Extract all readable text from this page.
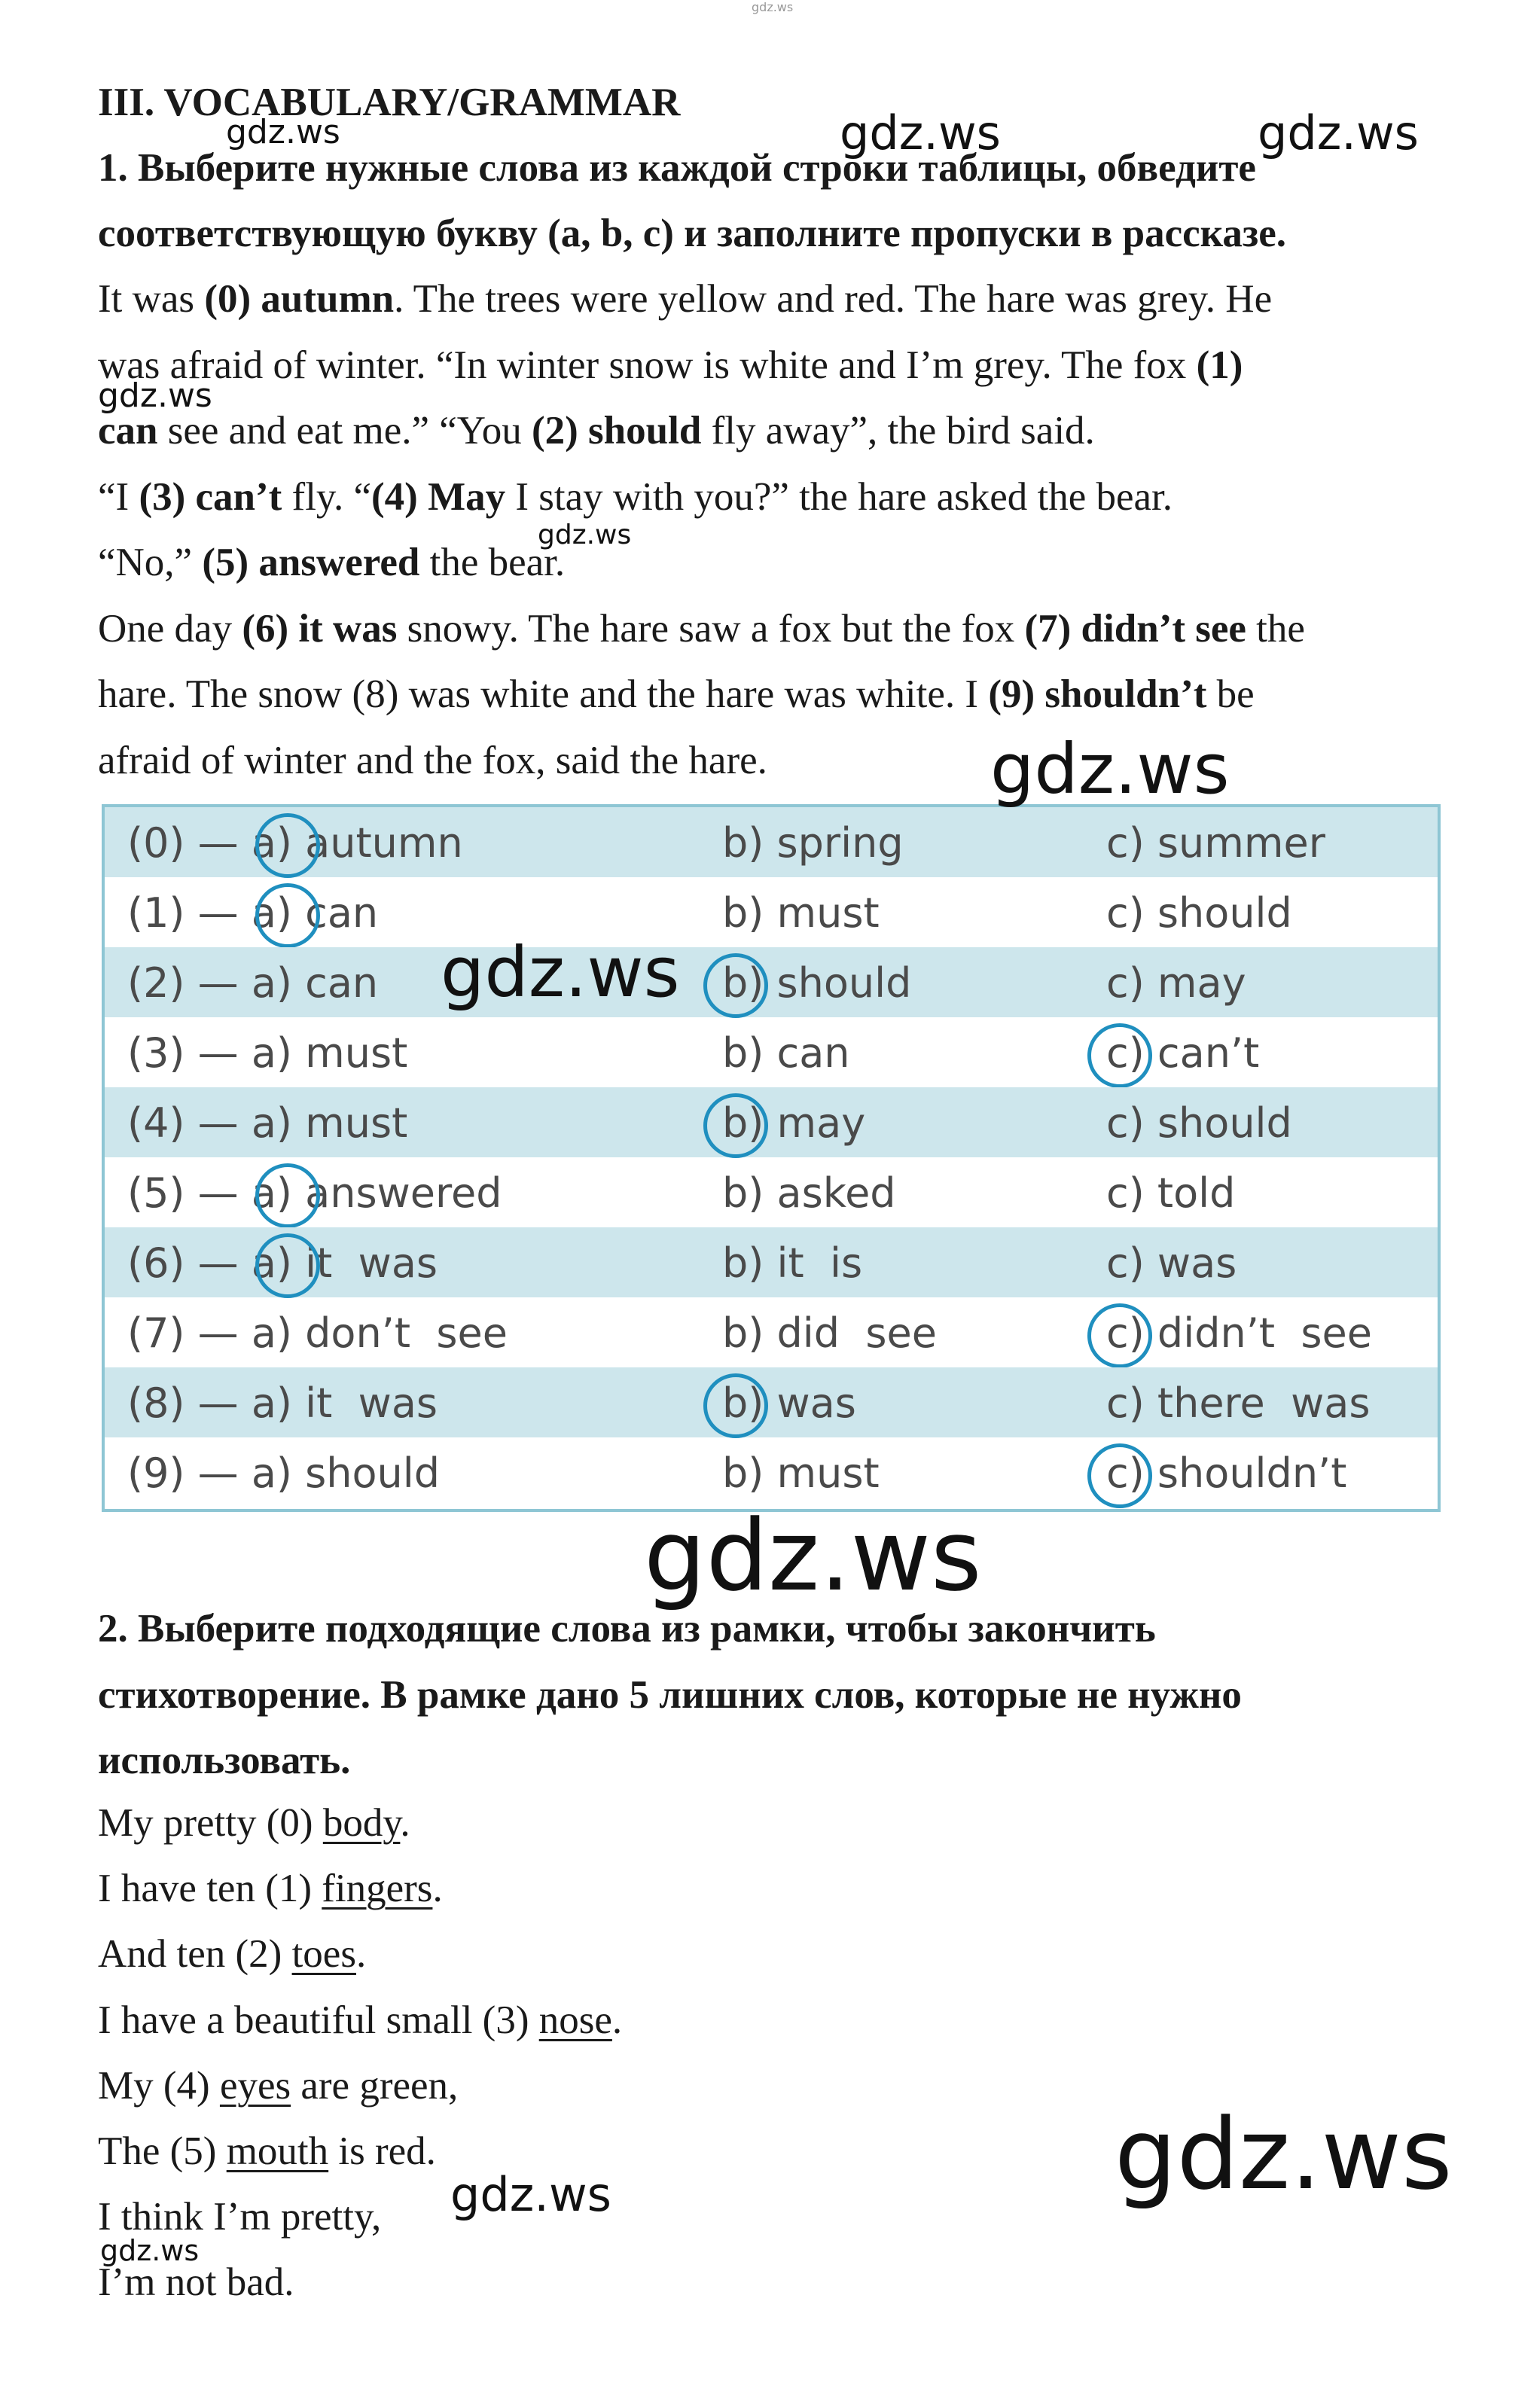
III. VOCABULARY/GRAMMAR
1. Выберите нужные слова из каждой строки таблицы, обведите
соответствующую букву (a, b, c) и заполните пропуски в рассказе.
It was (0) autumn. The trees were yellow and red. The hare was grey. He
was afraid of winter. “In winter snow is white and I’m grey. The fox (1)
can see and eat me.” “You (2) should fly away”, the bird said.
“I (3) can’t fly. “(4) May I stay with you?” the hare asked the bear.
“No,” (5) answered the bear.
One day (6) it was snowy. The hare saw a fox but the fox (7) didn’t see the
hare. The snow (8) was white and the hare was white. I (9) shouldn’t be
afraid of winter and the fox, said the hare.
(0) — a) autumn	b) spring	c) summer
(1) — a) can	b) must	c) should
(2) — a) can	b) should	c) may
(3) — a) must	b) can	c) can’t
(4) — a) must	b) may	c) should
(5) — a) answered	b) asked	c) told
(6) — a) it  was	b) it  is	c) was
(7) — a) don’t  see	b) did  see	c) didn’t  see
(8) — a) it  was	b) was	c) there  was
(9) — a) should	b) must	c) shouldn’t
2. Выберите подходящие слова из рамки, чтобы закончить
стихотворение. В рамке дано 5 лишних слов, которые не нужно
использовать.
My pretty (0) body.
I have ten (1) fingers.
And ten (2) toes.
I have a beautiful small (3) nose.
My (4) eyes are green,
The (5) mouth is red.
I think I’m pretty,
I’m not bad.
gdz.ws
gdz.ws	gdz.ws	gdz.ws
gdz.ws
gdz.ws
gdz.ws
gdz.ws
gdz.ws
gdz.ws
gdz.ws
gdz.ws
